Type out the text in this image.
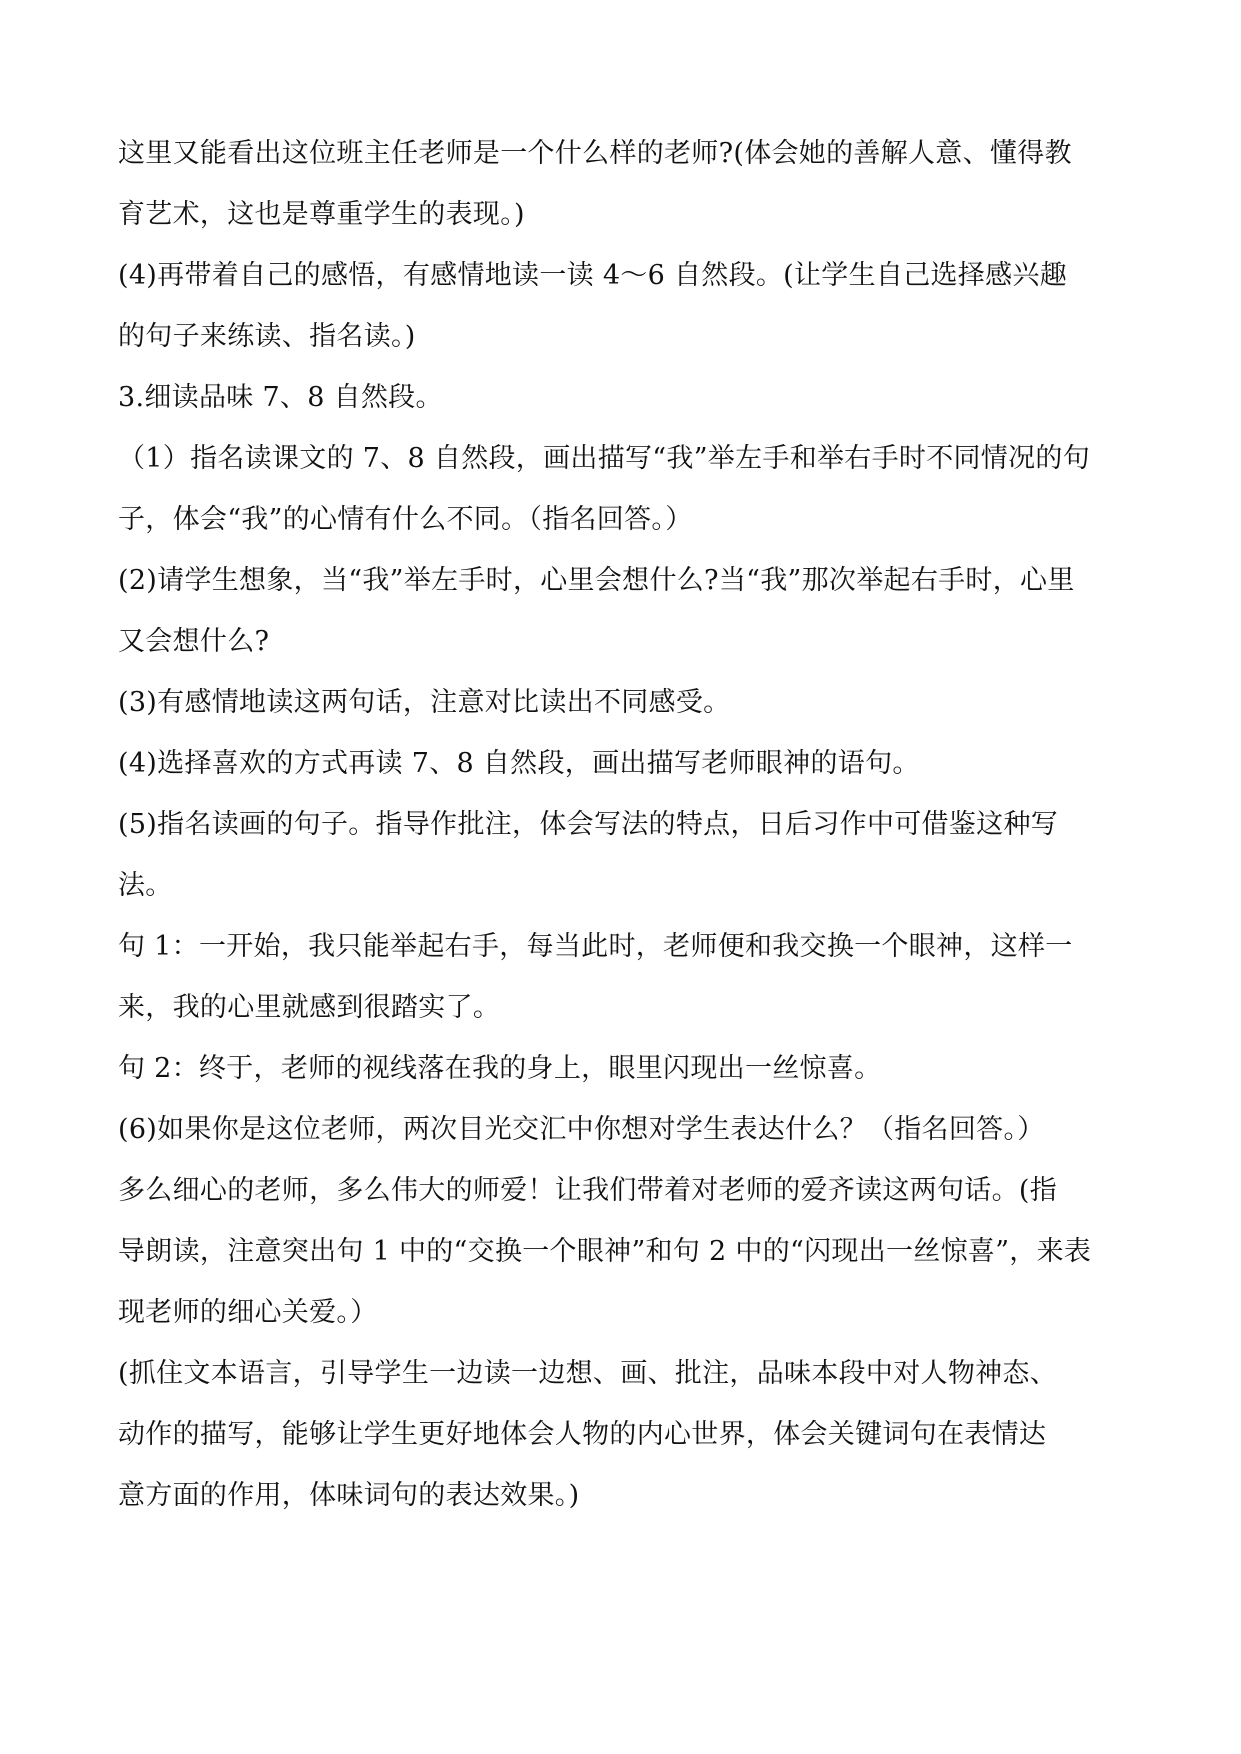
这里又能看出这位班主任老师是一个什么样的老师?(体会她的善解人意、懂得教
育艺术，这也是尊重学生的表现。)
(4)再带着自己的感悟，有感情地读一读 4～6 自然段。(让学生自己选择感兴趣
的句子来练读、指名读。)
3.细读品味 7、8 自然段。
（1）指名读课文的 7、8 自然段，画出描写“我”举左手和举右手时不同情况的句
子，体会“我”的心情有什么不同。（指名回答。）
(2)请学生想象，当“我”举左手时，心里会想什么?当“我”那次举起右手时，心里
又会想什么?
(3)有感情地读这两句话，注意对比读出不同感受。
(4)选择喜欢的方式再读 7、8 自然段，画出描写老师眼神的语句。
(5)指名读画的句子。指导作批注，体会写法的特点，日后习作中可借鉴这种写
法。
句 1：一开始，我只能举起右手，每当此时，老师便和我交换一个眼神，这样一
来，我的心里就感到很踏实了。
句 2：终于，老师的视线落在我的身上，眼里闪现出一丝惊喜。
(6)如果你是这位老师，两次目光交汇中你想对学生表达什么？（指名回答。）
多么细心的老师，多么伟大的师爱！让我们带着对老师的爱齐读这两句话。(指
导朗读，注意突出句 1 中的“交换一个眼神”和句 2 中的“闪现出一丝惊喜”，来表
现老师的细心关爱。）
(抓住文本语言，引导学生一边读一边想、画、批注，品味本段中对人物神态、
动作的描写，能够让学生更好地体会人物的内心世界，体会关键词句在表情达
意方面的作用，体味词句的表达效果。)
